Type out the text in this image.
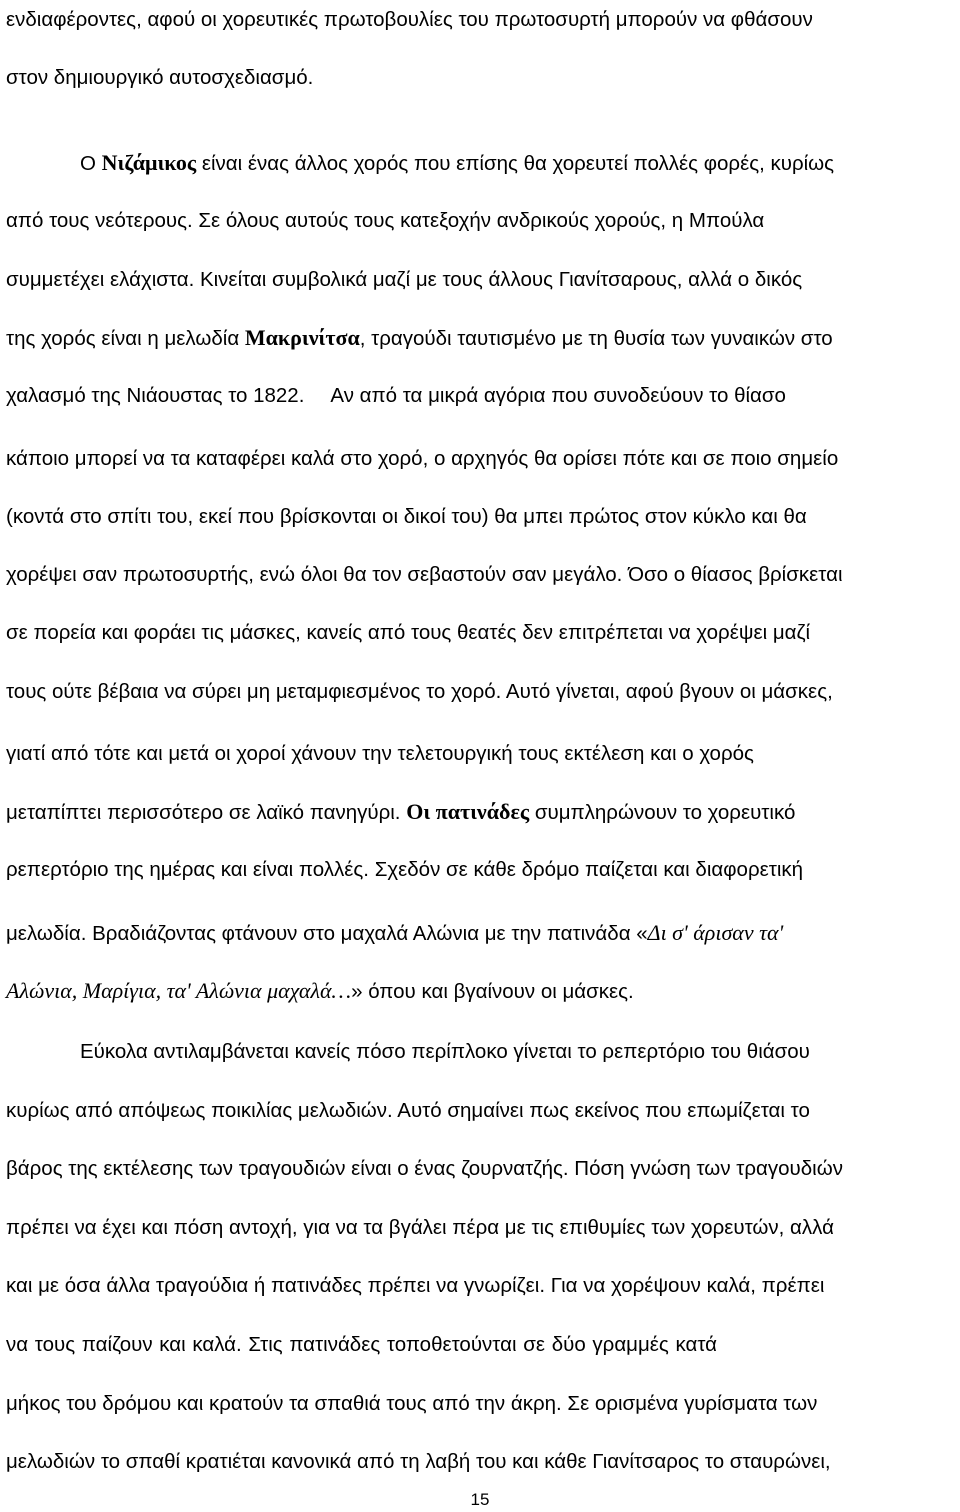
ενδιαφέροντες, αφού οι χορευτικές πρωτοβουλίες του πρωτοσυρτή μπορούν να φθάσουν
στον δημιουργικό αυτοσχεδιασμό.
Ο Νιζάμικος είναι ένας άλλος χορός που επίσης θα χορευτεί πολλές φορές, κυρίως
από τους νεότερους. Σε όλους αυτούς τους κατεξοχήν ανδρικούς χορούς, η Μπούλα
συμμετέχει ελάχιστα. Κινείται συμβολικά μαζί με τους άλλους Γιανίτσαρους, αλλά ο δικός
της χορός είναι η μελωδία Μακρινίτσα, τραγούδι ταυτισμένο με τη θυσία των γυναικών στο
χαλασμό της Νιάουστας το 1822. Αν από τα μικρά αγόρια που συνοδεύουν το θίασο
κάποιο μπορεί να τα καταφέρει καλά στο χορό, ο αρχηγός θα ορίσει πότε και σε ποιο σημείο
(κοντά στο σπίτι του, εκεί που βρίσκονται οι δικοί του) θα μπει πρώτος στον κύκλο και θα
χορέψει σαν πρωτοσυρτής, ενώ όλοι θα τον σεβαστούν σαν μεγάλο. Όσο ο θίασος βρίσκεται
σε πορεία και φοράει τις μάσκες, κανείς από τους θεατές δεν επιτρέπεται να χορέψει μαζί
τους ούτε βέβαια να σύρει μη μεταμφιεσμένος το χορό. Αυτό γίνεται, αφού βγουν οι μάσκες,
γιατί από τότε και μετά οι χοροί χάνουν την τελετουργική τους εκτέλεση και ο χορός
μεταπίπτει περισσότερο σε λαϊκό πανηγύρι. Οι πατινάδες συμπληρώνουν το χορευτικό
ρεπερτόριο της ημέρας και είναι πολλές. Σχεδόν σε κάθε δρόμο παίζεται και διαφορετική
μελωδία. Βραδιάζοντας φτάνουν στο μαχαλά Αλώνια με την πατινάδα «Δι σ' άρισαν τα'
Αλώνια, Μαρίγια, τα' Αλώνια μαχαλά…» όπου και βγαίνουν οι μάσκες.
Εύκολα αντιλαμβάνεται κανείς πόσο περίπλοκο γίνεται το ρεπερτόριο του θιάσου
κυρίως από απόψεως ποικιλίας μελωδιών. Αυτό σημαίνει πως εκείνος που επωμίζεται το
βάρος της εκτέλεσης των τραγουδιών είναι ο ένας ζουρνατζής. Πόση γνώση των τραγουδιών
πρέπει να έχει και πόση αντοχή, για να τα βγάλει πέρα με τις επιθυμίες των χορευτών, αλλά
και με όσα άλλα τραγούδια ή πατινάδες πρέπει να γνωρίζει. Για να χορέψουν καλά, πρέπει
να τους παίζουν και καλά. Στις πατινάδες τοποθετούνται σε δύο γραμμές κατά
μήκος του δρόμου και κρατούν τα σπαθιά τους από την άκρη. Σε ορισμένα γυρίσματα των
μελωδιών το σπαθί κρατιέται κανονικά από τη λαβή του και κάθε Γιανίτσαρος το σταυρώνει,
15
